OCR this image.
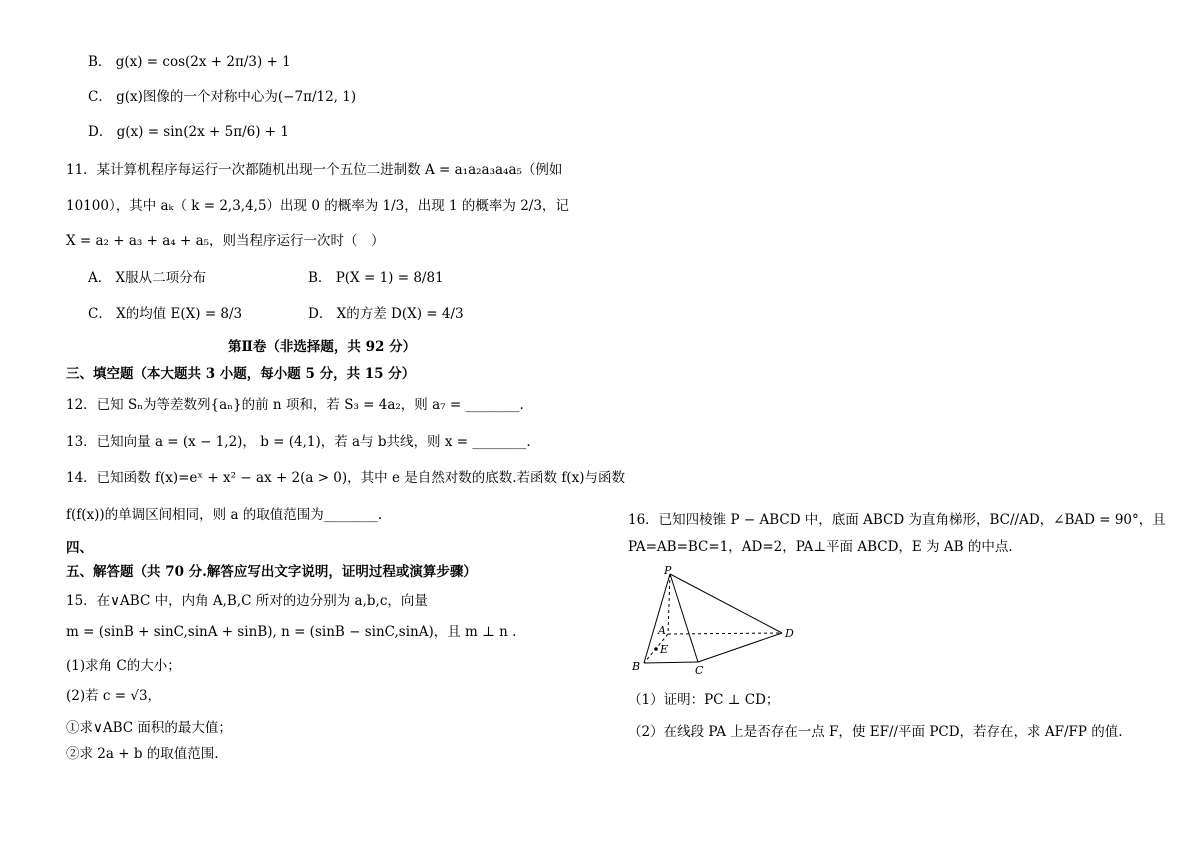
B． g(x) = cos(2x + 2π/3) + 1
C． g(x)图像的一个对称中心为(−7π/12, 1)
D． g(x) = sin(2x + 5π/6) + 1
11．某计算机程序每运行一次都随机出现一个五位二进制数 A = a₁a₂a₃a₄a₅（例如
10100），其中 aₖ（ k = 2,3,4,5）出现 0 的概率为 1/3，出现 1 的概率为 2/3，记
X = a₂ + a₃ + a₄ + a₅，则当程序运行一次时（　）
A． X服从二项分布	B． P(X = 1) = 8/81
C． X的均值 E(X) = 8/3	D． X的方差 D(X) = 4/3
第Ⅱ卷（非选择题，共 92 分）
三、填空题（本大题共 3 小题，每小题 5 分，共 15 分）
12．已知 Sₙ为等差数列{aₙ}的前 n 项和，若 S₃ = 4a₂，则 a₇ = ________.
13．已知向量 a = (x − 1,2)， b = (4,1)，若 a与 b共线，则 x = ________.
14．已知函数 f(x)=eˣ + x² − ax + 2(a > 0)，其中 e 是自然对数的底数.若函数 f(x)与函数
f(f(x))的单调区间相同，则 a 的取值范围为________.
四、
五、解答题（共 70 分.解答应写出文字说明，证明过程或演算步骤）
15．在∨ABC 中，内角 A,B,C 所对的边分别为 a,b,c，向量
m = (sinB + sinC,sinA + sinB), n = (sinB − sinC,sinA)，且 m ⊥ n .
(1)求角 C的大小；
(2)若 c = √3，
①求∨ABC 面积的最大值；
②求 2a + b 的取值范围.
16．已知四棱锥 P − ABCD 中，底面 ABCD 为直角梯形，BC//AD，∠BAD = 90°，且
PA=AB=BC=1，AD=2，PA⊥平面 ABCD，E 为 AB 的中点.
P
A
E
B	C
D
（1）证明：PC ⊥ CD；
（2）在线段 PA 上是否存在一点 F，使 EF//平面 PCD，若存在，求 AF/FP 的值.
